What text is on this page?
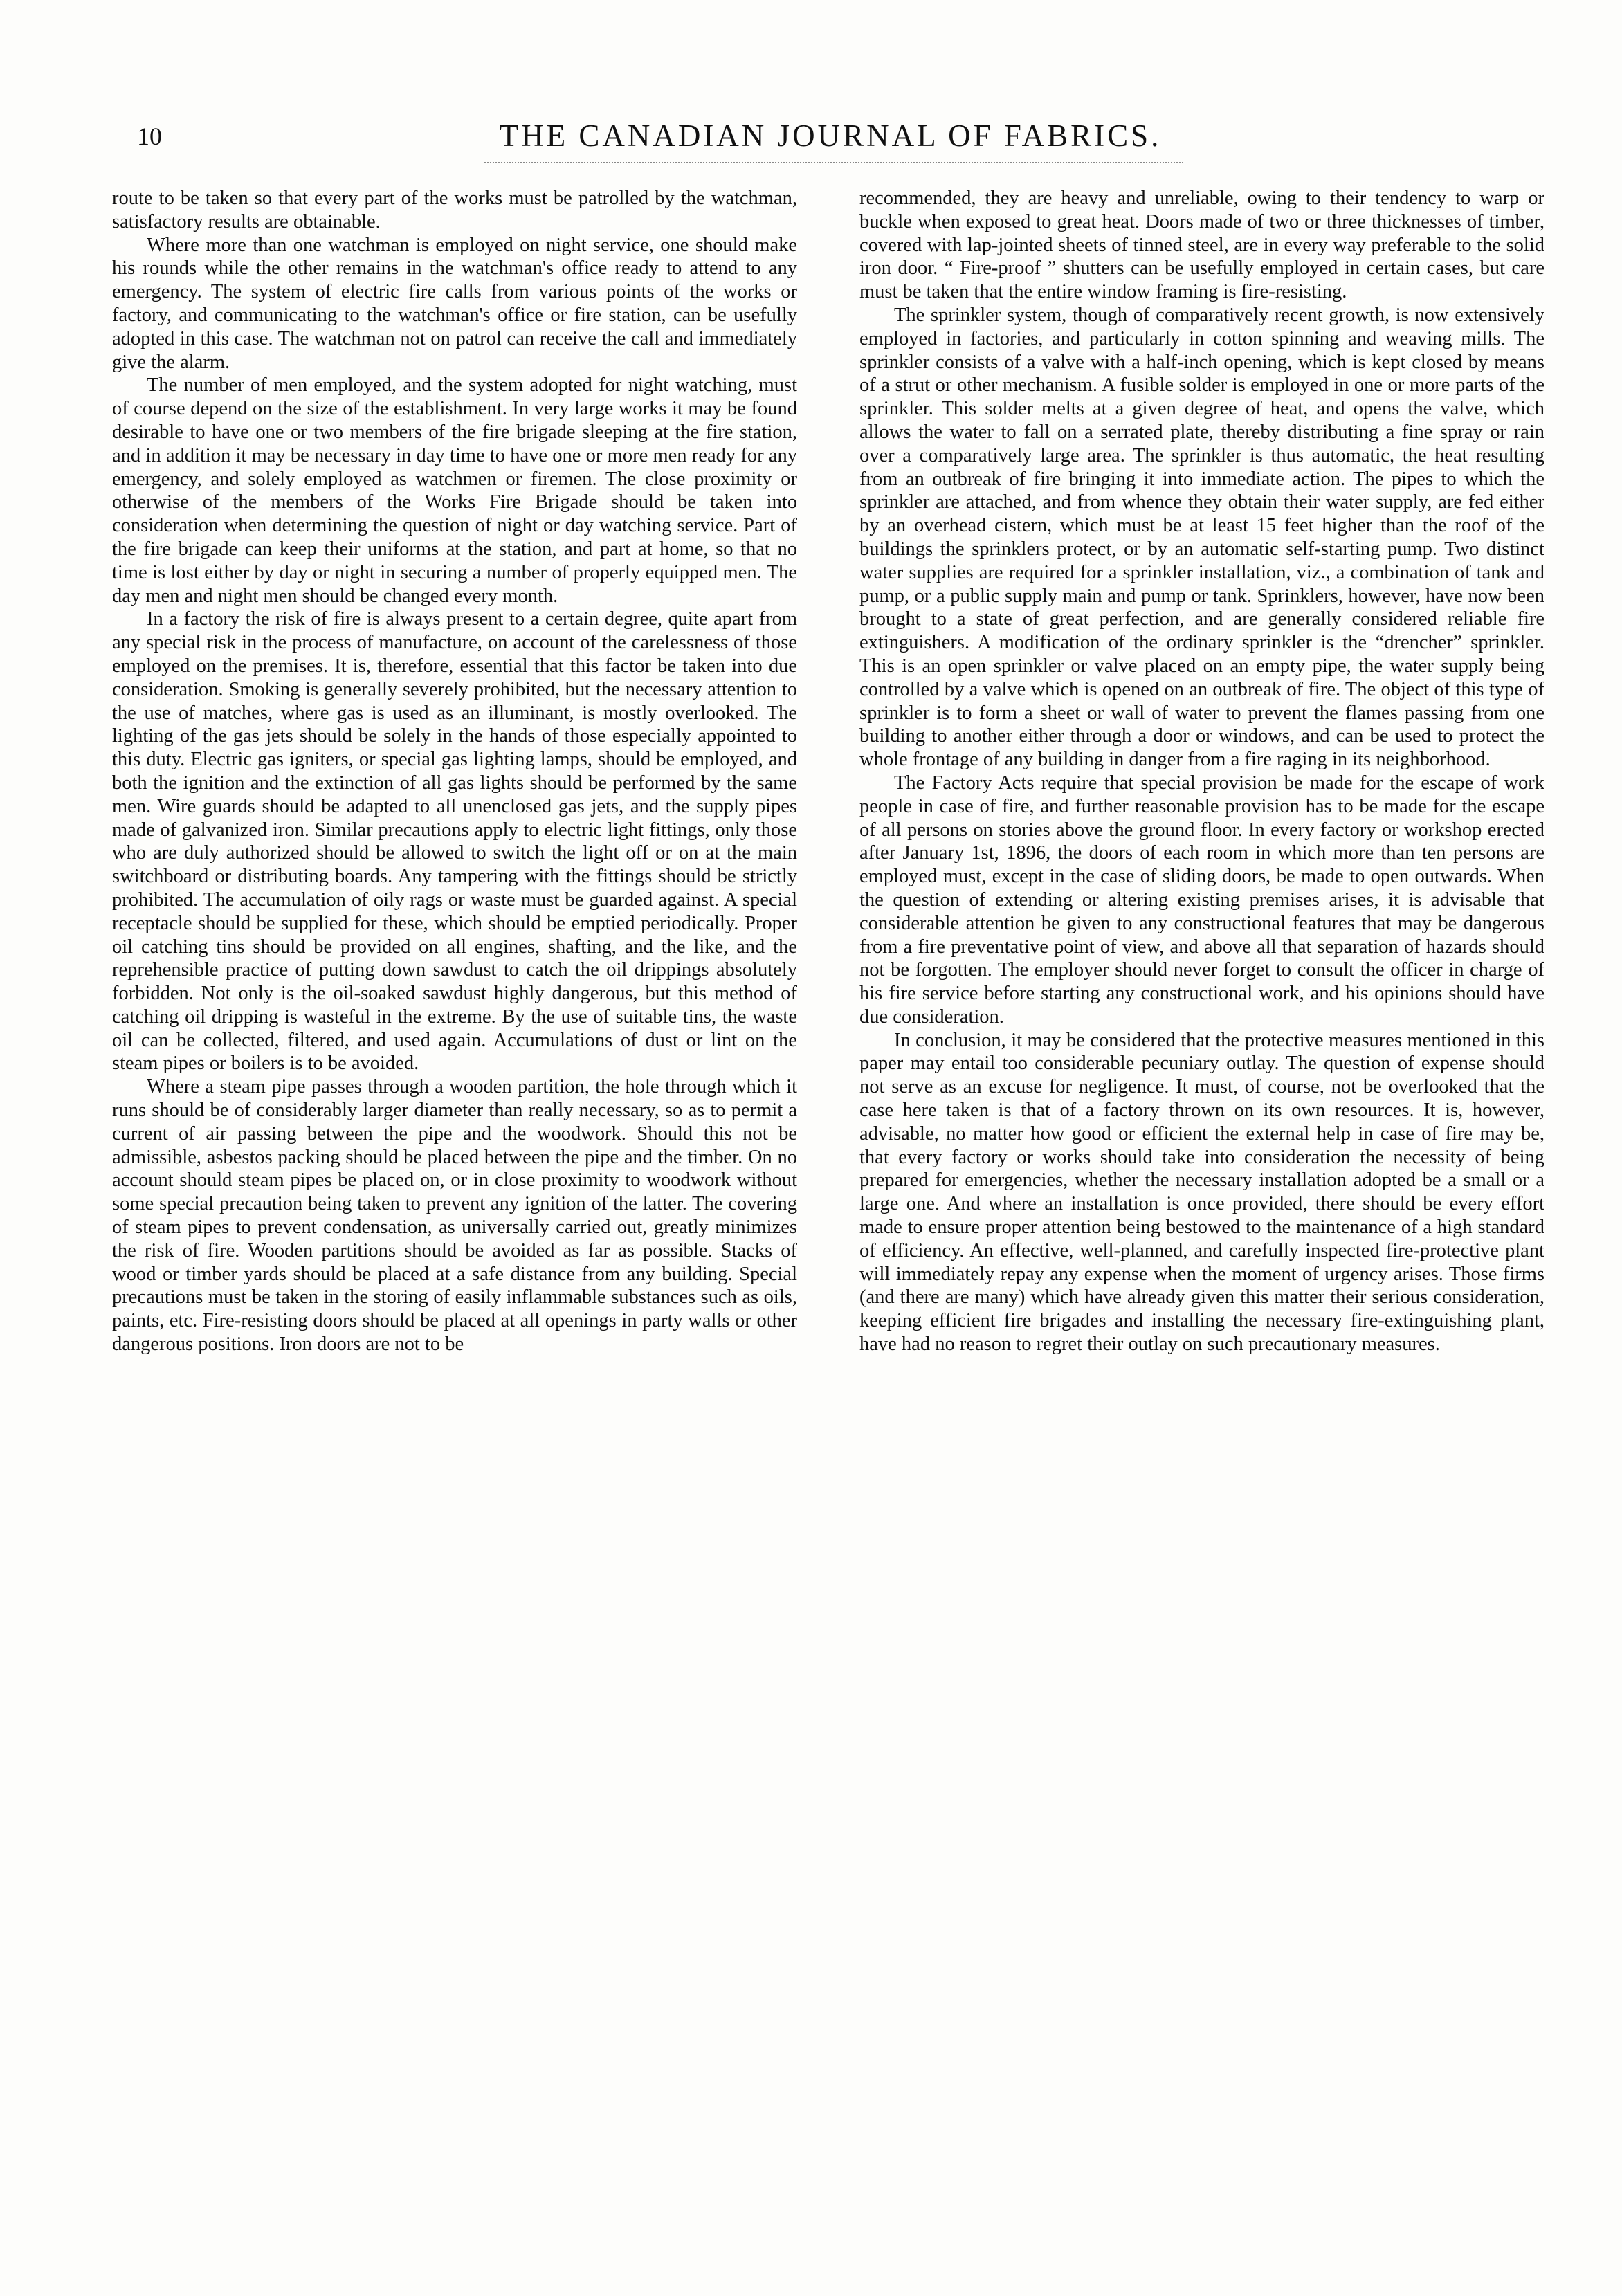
10	THE CANADIAN JOURNAL OF FABRICS.

route to be taken so that every part of the works must be patrolled by the watchman, satisfactory results are obtainable.

Where more than one watchman is employed on night service, one should make his rounds while the other remains in the watchman's office ready to attend to any emergency. The system of electric fire calls from various points of the works or factory, and communicating to the watchman's office or fire station, can be usefully adopted in this case. The watchman not on patrol can receive the call and immediately give the alarm.

The number of men employed, and the system adopted for night watching, must of course depend on the size of the establishment. In very large works it may be found desirable to have one or two members of the fire brigade sleeping at the fire station, and in addition it may be necessary in day time to have one or more men ready for any emergency, and solely employed as watchmen or firemen. The close proximity or otherwise of the members of the Works Fire Brigade should be taken into consideration when determining the question of night or day watching service. Part of the fire brigade can keep their uniforms at the station, and part at home, so that no time is lost either by day or night in securing a number of properly equipped men. The day men and night men should be changed every month.

In a factory the risk of fire is always present to a certain degree, quite apart from any special risk in the process of manufacture, on account of the carelessness of those employed on the premises. It is, therefore, essential that this factor be taken into due consideration. Smoking is generally severely prohibited, but the necessary attention to the use of matches, where gas is used as an illuminant, is mostly overlooked. The lighting of the gas jets should be solely in the hands of those especially appointed to this duty. Electric gas igniters, or special gas lighting lamps, should be employed, and both the ignition and the extinction of all gas lights should be performed by the same men. Wire guards should be adapted to all unenclosed gas jets, and the supply pipes made of galvanized iron. Similar precautions apply to electric light fittings, only those who are duly authorized should be allowed to switch the light off or on at the main switchboard or distributing boards. Any tampering with the fittings should be strictly prohibited. The accumulation of oily rags or waste must be guarded against. A special receptacle should be supplied for these, which should be emptied periodically. Proper oil catching tins should be provided on all engines, shafting, and the like, and the reprehensible practice of putting down sawdust to catch the oil drippings absolutely forbidden. Not only is the oil-soaked sawdust highly dangerous, but this method of catching oil dripping is wasteful in the extreme. By the use of suitable tins, the waste oil can be collected, filtered, and used again. Accumulations of dust or lint on the steam pipes or boilers is to be avoided.

Where a steam pipe passes through a wooden partition, the hole through which it runs should be of considerably larger diameter than really necessary, so as to permit a current of air passing between the pipe and the woodwork. Should this not be admissible, asbestos packing should be placed between the pipe and the timber. On no account should steam pipes be placed on, or in close proximity to woodwork without some special precaution being taken to prevent any ignition of the latter. The covering of steam pipes to prevent condensation, as universally carried out, greatly minimizes the risk of fire. Wooden partitions should be avoided as far as possible. Stacks of wood or timber yards should be placed at a safe distance from any building. Special precautions must be taken in the storing of easily inflammable substances such as oils, paints, etc. Fire-resisting doors should be placed at all openings in party walls or other dangerous positions. Iron doors are not to be

recommended, they are heavy and unreliable, owing to their tendency to warp or buckle when exposed to great heat. Doors made of two or three thicknesses of timber, covered with lap-jointed sheets of tinned steel, are in every way preferable to the solid iron door. “ Fire-proof ” shutters can be usefully employed in certain cases, but care must be taken that the entire window framing is fire-resisting.

The sprinkler system, though of comparatively recent growth, is now extensively employed in factories, and particularly in cotton spinning and weaving mills. The sprinkler consists of a valve with a half-inch opening, which is kept closed by means of a strut or other mechanism. A fusible solder is employed in one or more parts of the sprinkler. This solder melts at a given degree of heat, and opens the valve, which allows the water to fall on a serrated plate, thereby distributing a fine spray or rain over a comparatively large area. The sprinkler is thus automatic, the heat resulting from an outbreak of fire bringing it into immediate action. The pipes to which the sprinkler are attached, and from whence they obtain their water supply, are fed either by an overhead cistern, which must be at least 15 feet higher than the roof of the buildings the sprinklers protect, or by an automatic self-starting pump. Two distinct water supplies are required for a sprinkler installation, viz., a combination of tank and pump, or a public supply main and pump or tank. Sprinklers, however, have now been brought to a state of great perfection, and are generally considered reliable fire extinguishers. A modification of the ordinary sprinkler is the “drencher” sprinkler. This is an open sprinkler or valve placed on an empty pipe, the water supply being controlled by a valve which is opened on an outbreak of fire. The object of this type of sprinkler is to form a sheet or wall of water to prevent the flames passing from one building to another either through a door or windows, and can be used to protect the whole frontage of any building in danger from a fire raging in its neighborhood.

The Factory Acts require that special provision be made for the escape of work people in case of fire, and further reasonable provision has to be made for the escape of all persons on stories above the ground floor. In every factory or workshop erected after January 1st, 1896, the doors of each room in which more than ten persons are employed must, except in the case of sliding doors, be made to open outwards. When the question of extending or altering existing premises arises, it is advisable that considerable attention be given to any constructional features that may be dangerous from a fire preventative point of view, and above all that separation of hazards should not be forgotten. The employer should never forget to consult the officer in charge of his fire service before starting any constructional work, and his opinions should have due consideration.

In conclusion, it may be considered that the protective measures mentioned in this paper may entail too considerable pecuniary outlay. The question of expense should not serve as an excuse for negligence. It must, of course, not be overlooked that the case here taken is that of a factory thrown on its own resources. It is, however, advisable, no matter how good or efficient the external help in case of fire may be, that every factory or works should take into consideration the necessity of being prepared for emergencies, whether the necessary installation adopted be a small or a large one. And where an installation is once provided, there should be every effort made to ensure proper attention being bestowed to the maintenance of a high standard of efficiency. An effective, well-planned, and carefully inspected fire-protective plant will immediately repay any expense when the moment of urgency arises. Those firms (and there are many) which have already given this matter their serious consideration, keeping efficient fire brigades and installing the necessary fire-extinguishing plant, have had no reason to regret their outlay on such precautionary measures.
